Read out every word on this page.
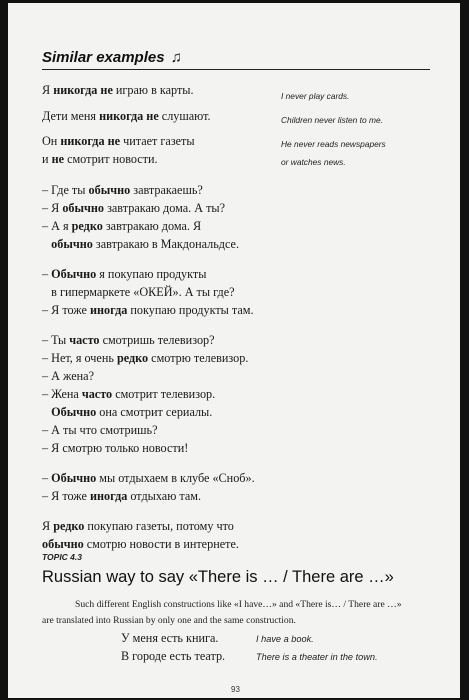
Similar examples ♫
Я никогда не играю в карты.
Дети меня никогда не слушают.
Он никогда не читает газеты
и не смотрит новости.
– Где ты обычно завтракаешь?
– Я обычно завтракаю дома. А ты?
– А я редко завтракаю дома. Я
обычно завтракаю в Макдональдсе.
– Обычно я покупаю продукты
в гипермаркете «ОКЕЙ». А ты где?
– Я тоже иногда покупаю продукты там.
– Ты часто смотришь телевизор?
– Нет, я очень редко смотрю телевизор.
– А жена?
– Жена часто смотрит телевизор.
Обычно она смотрит сериалы.
– А ты что смотришь?
– Я смотрю только новости!
– Обычно мы отдыхаем в клубе «Сноб».
– Я тоже иногда отдыхаю там.
Я редко покупаю газеты, потому что
обычно смотрю новости в интернете.
I never play cards.
Children never listen to me.
He never reads newspapers
or watches news.
TOPIC 4.3
Russian way to say «There is … / There are …»
Such different English constructions like «I have…» and «There is… / There are …»
are translated into Russian by only one and the same construction.
У меня есть книга.	I have a book.
В городе есть театр.	There is a theater in the town.
93
